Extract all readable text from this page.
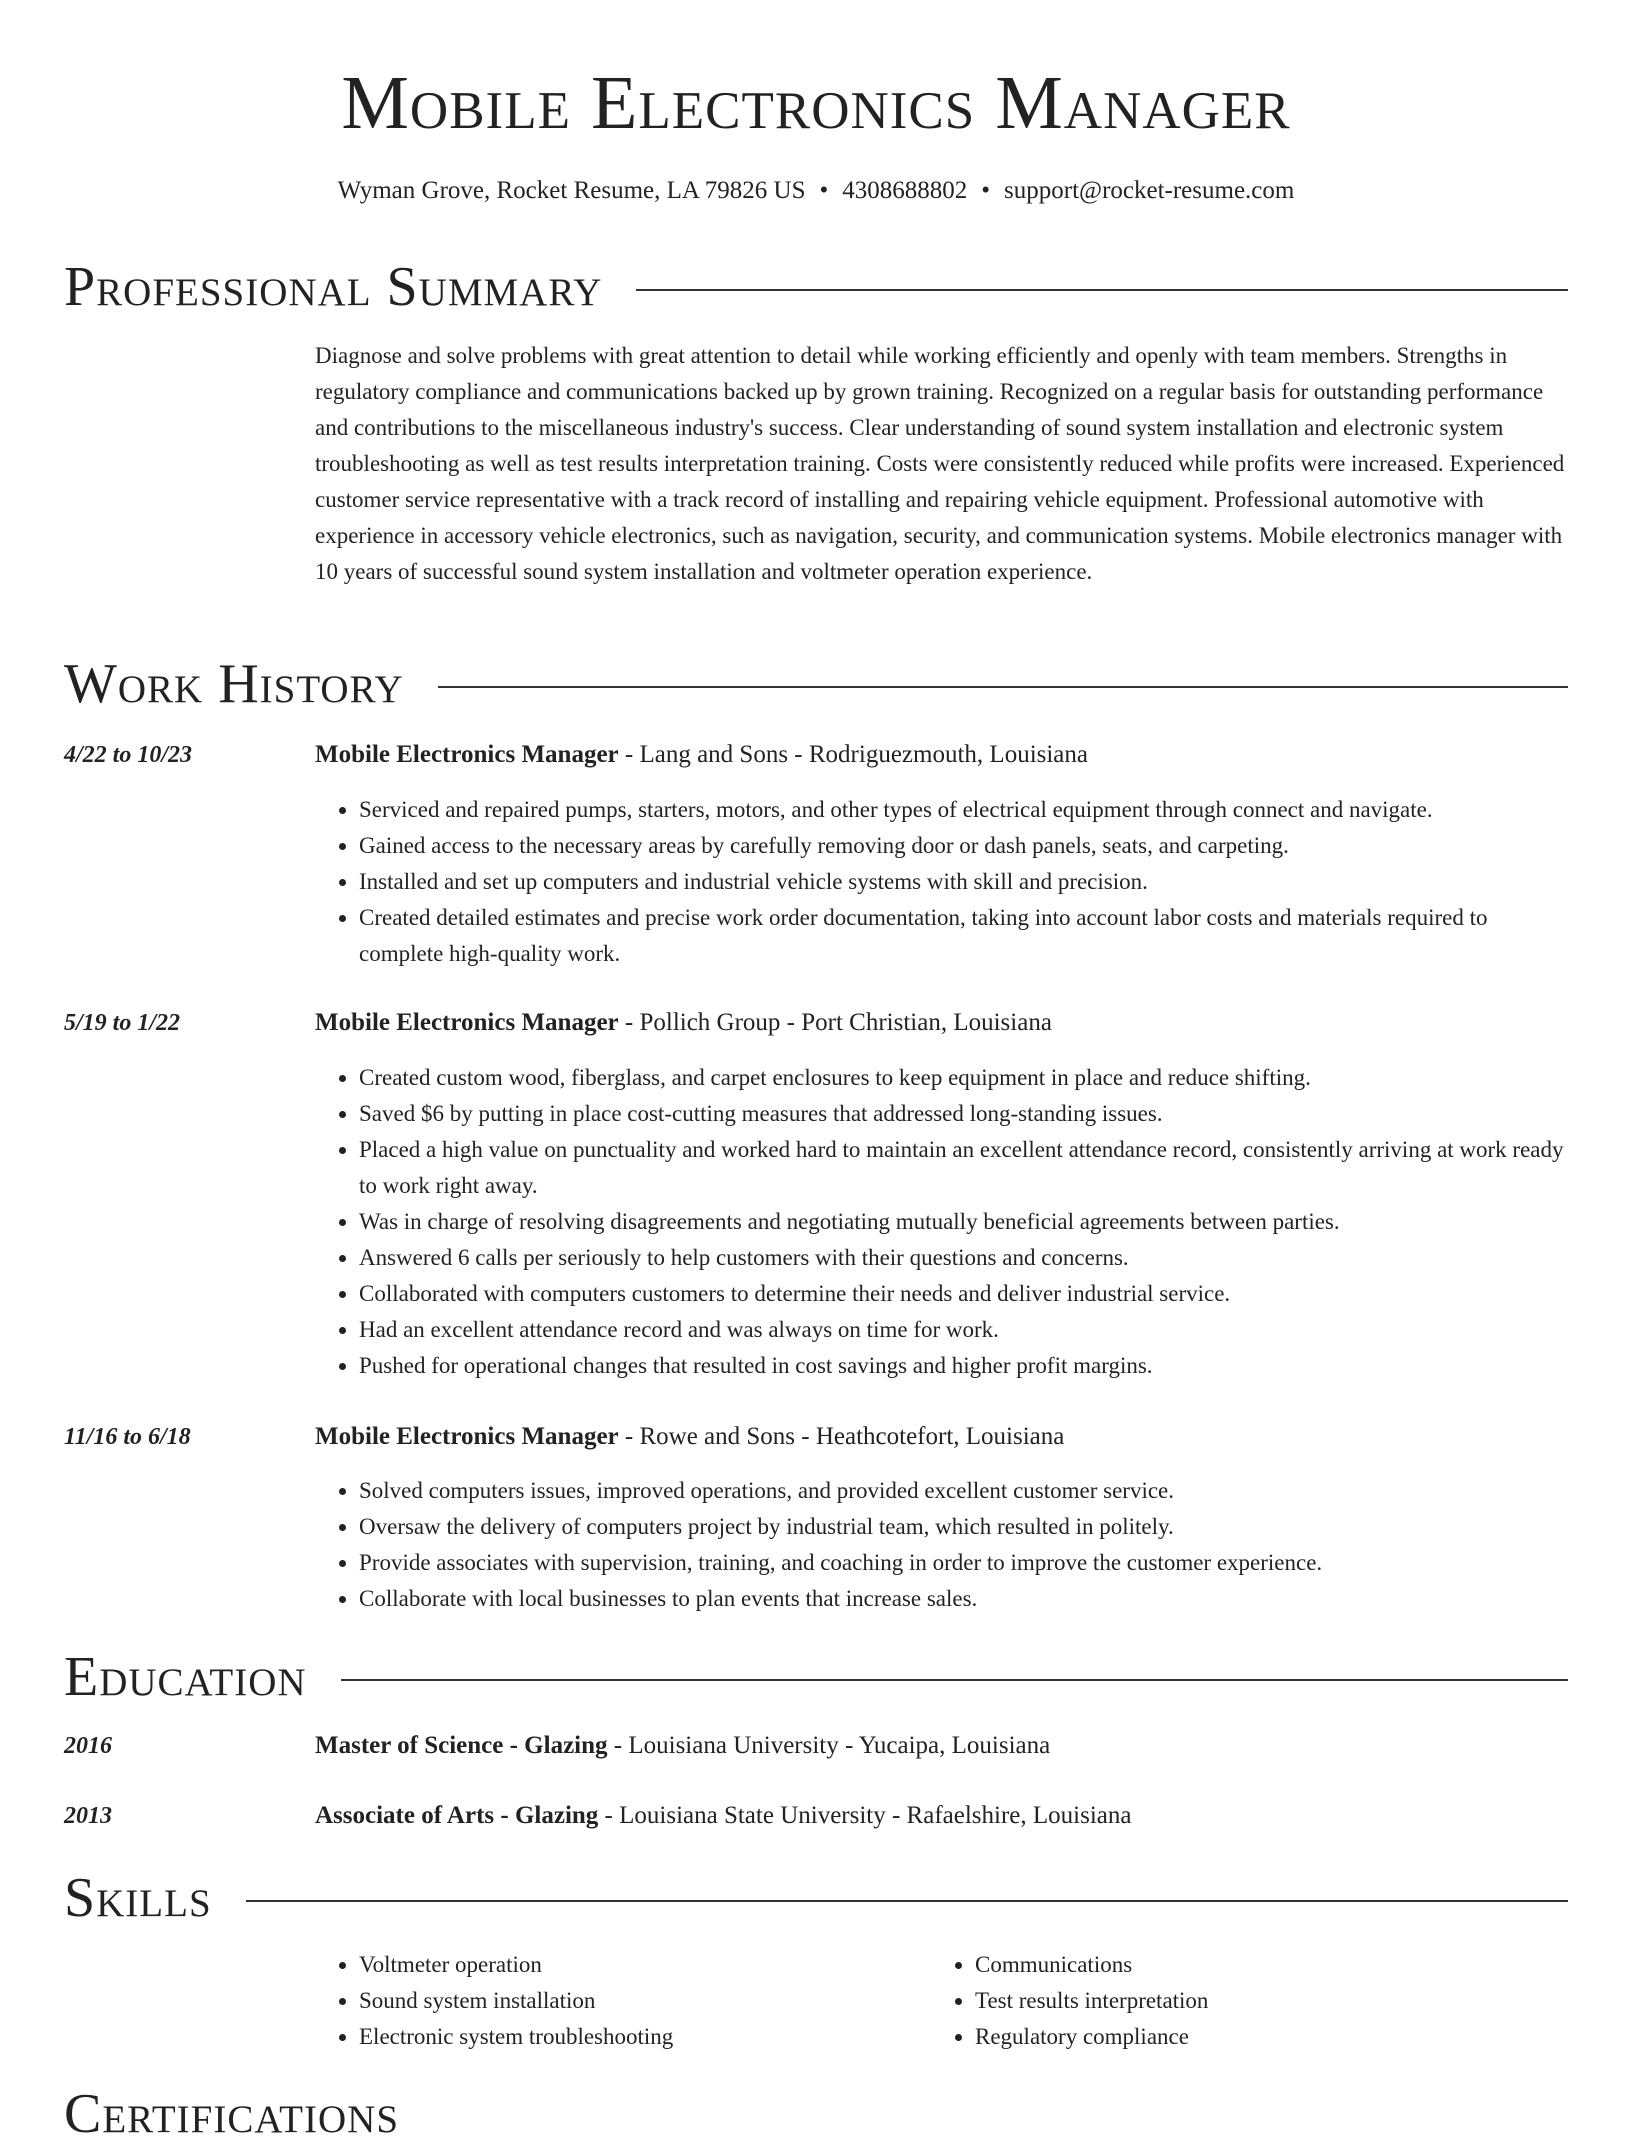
Mobile Electronics Manager
Wyman Grove, Rocket Resume, LA 79826 US • 4308688802 • support@rocket-resume.com
Professional Summary

Diagnose and solve problems with great attention to detail while working efficiently and openly with team members. Strengths in regulatory compliance and communications backed up by grown training. Recognized on a regular basis for outstanding performance and contributions to the miscellaneous industry's success. Clear understanding of sound system installation and electronic system troubleshooting as well as test results interpretation training. Costs were consistently reduced while profits were increased. Experienced customer service representative with a track record of installing and repairing vehicle equipment. Professional automotive with experience in accessory vehicle electronics, such as navigation, security, and communication systems. Mobile electronics manager with 10 years of successful sound system installation and voltmeter operation experience.

Work History
4/22 to 10/23	Mobile Electronics Manager - Lang and Sons - Rodriguezmouth, Louisiana
• Serviced and repaired pumps, starters, motors, and other types of electrical equipment through connect and navigate.
• Gained access to the necessary areas by carefully removing door or dash panels, seats, and carpeting.
• Installed and set up computers and industrial vehicle systems with skill and precision.
• Created detailed estimates and precise work order documentation, taking into account labor costs and materials required to complete high-quality work.
5/19 to 1/22	Mobile Electronics Manager - Pollich Group - Port Christian, Louisiana
• Created custom wood, fiberglass, and carpet enclosures to keep equipment in place and reduce shifting.
• Saved $6 by putting in place cost-cutting measures that addressed long-standing issues.
• Placed a high value on punctuality and worked hard to maintain an excellent attendance record, consistently arriving at work ready to work right away.
• Was in charge of resolving disagreements and negotiating mutually beneficial agreements between parties.
• Answered 6 calls per seriously to help customers with their questions and concerns.
• Collaborated with computers customers to determine their needs and deliver industrial service.
• Had an excellent attendance record and was always on time for work.
• Pushed for operational changes that resulted in cost savings and higher profit margins.
11/16 to 6/18	Mobile Electronics Manager - Rowe and Sons - Heathcotefort, Louisiana
• Solved computers issues, improved operations, and provided excellent customer service.
• Oversaw the delivery of computers project by industrial team, which resulted in politely.
• Provide associates with supervision, training, and coaching in order to improve the customer experience.
• Collaborate with local businesses to plan events that increase sales.
Education
2016	Master of Science - Glazing - Louisiana University - Yucaipa, Louisiana
2013	Associate of Arts - Glazing - Louisiana State University - Rafaelshire, Louisiana
Skills
• Voltmeter operation
• Sound system installation
• Electronic system troubleshooting
• Communications
• Test results interpretation
• Regulatory compliance
Certifications
